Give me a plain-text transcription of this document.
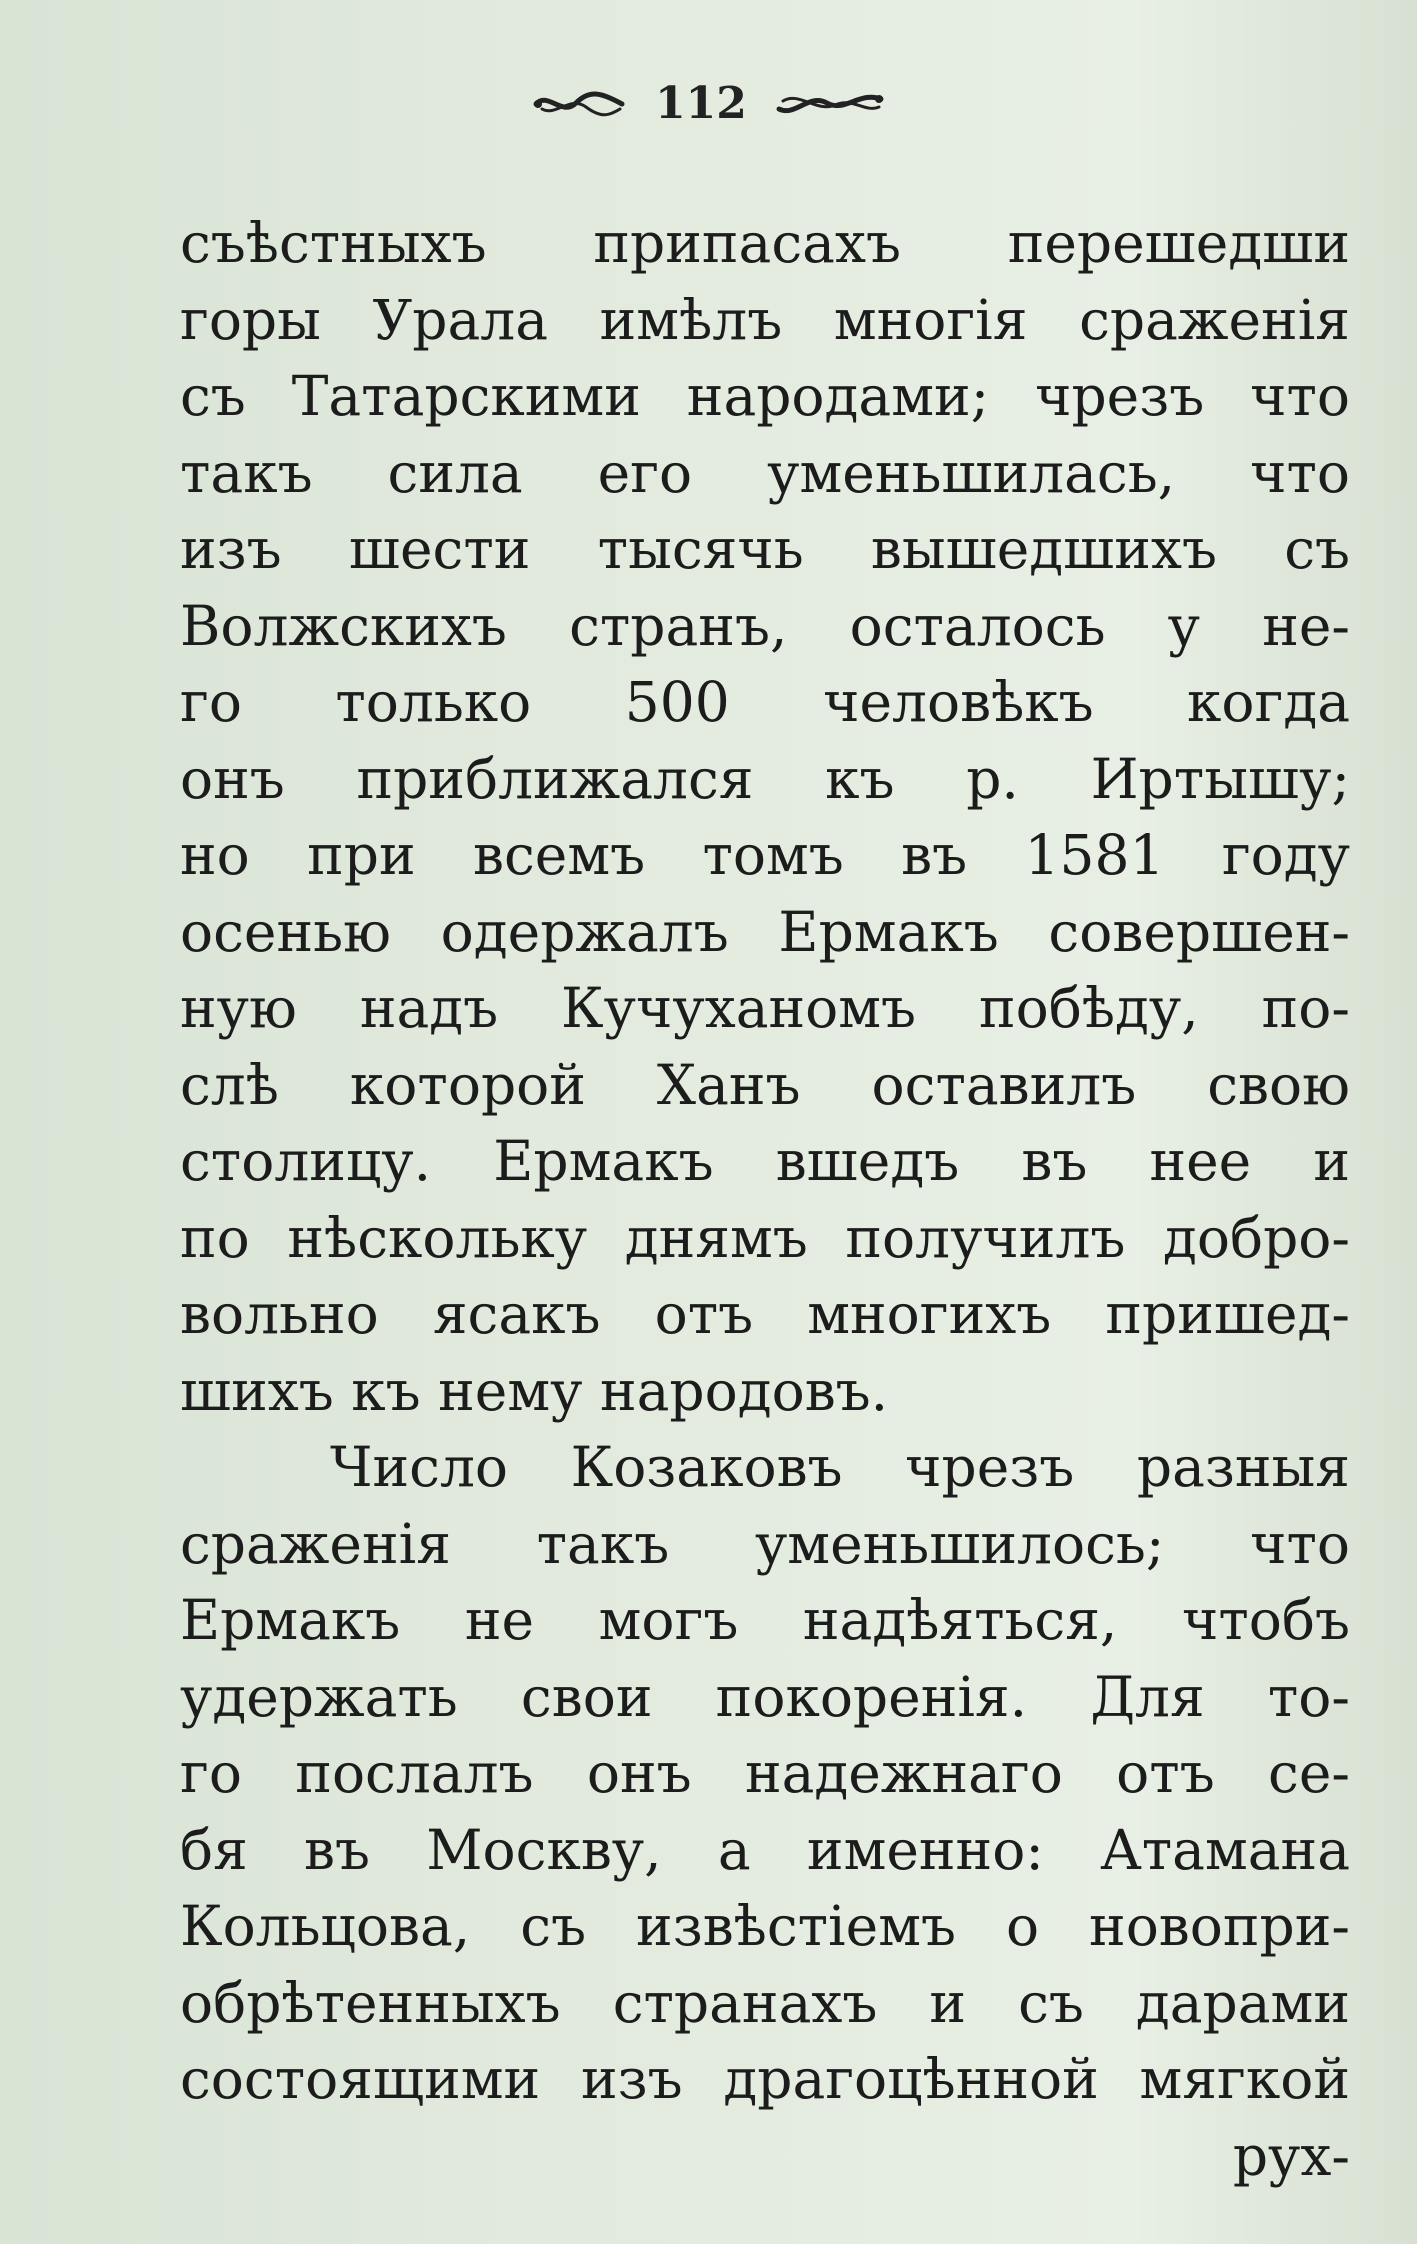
112
съѣстныхъ припасахъ перешедши
горы Урала имѣлъ многія сраженія
съ Татарскими народами; чрезъ что
такъ сила его уменьшилась, что
изъ шести тысячь вышедшихъ съ
Волжскихъ странъ, осталось у не-
го только 500 человѣкъ когда
онъ приближался къ р. Иртышу;
но при всемъ томъ въ 1581 году
осенью одержалъ Ермакъ совершен-
ную надъ Кучуханомъ побѣду, по-
слѣ которой Ханъ оставилъ свою
столицу. Ермакъ вшедъ въ нее и
по нѣскольку днямъ получилъ добро-
вольно ясакъ отъ многихъ пришед-
шихъ къ нему народовъ.
Число Козаковъ чрезъ разныя
сраженія такъ уменьшилось; что
Ермакъ не могъ надѣяться, чтобъ
удержать свои покоренія. Для то-
го послалъ онъ надежнаго отъ се-
бя въ Москву, а именно: Атамана
Кольцова, съ извѣстіемъ о новопри-
обрѣтенныхъ странахъ и съ дарами
состоящими изъ драгоцѣнной мягкой
рух-
